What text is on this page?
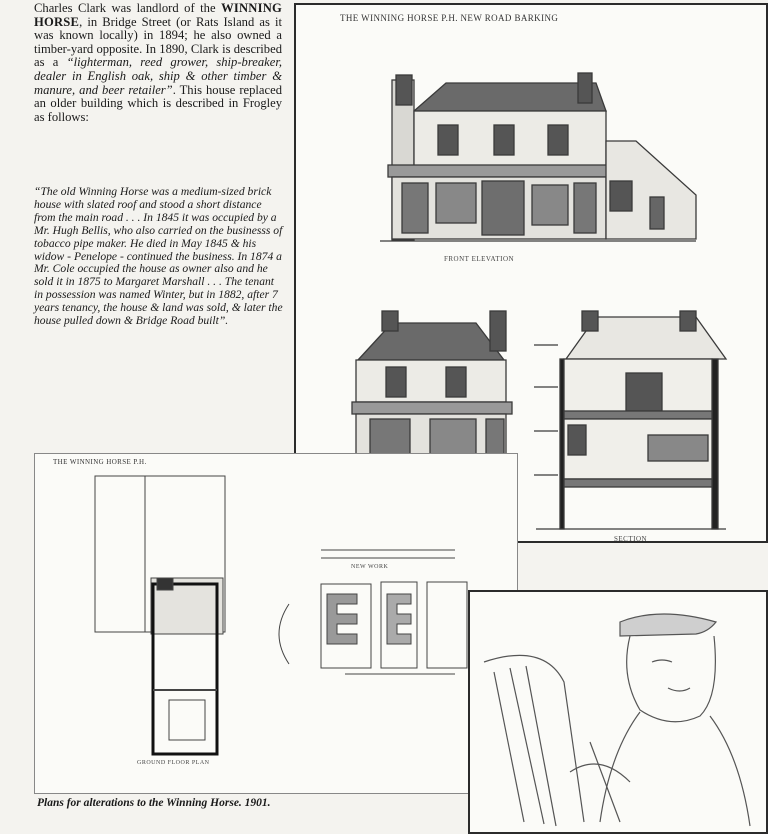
Charles Clark was landlord of the WINNING HORSE, in Bridge Street (or Rats Island as it was known locally) in 1894; he also owned a timber-yard opposite. In 1890, Clark is described as a “lighterman, reed grower, ship-breaker, dealer in English oak, ship & other timber & manure, and beer retailer”. This house replaced an older building which is described in Frogley as follows:

“The old Winning Horse was a medium-sized brick house with slated roof and stood a short distance from the main road . . . In 1845 it was occupied by a Mr. Hugh Bellis, who also carried on the businesss of tobacco pipe maker. He died in May 1845 & his widow - Penelope - continued the business. In 1874 a Mr. Cole occupied the house as owner also and he sold it in 1875 to Margaret Marshall . . . The tenant in possession was named Winter, but in 1882, after 7 years tenancy, the house & land was sold, & later the house pulled down & Bridge Road built”.

THE WINNING HORSE P.H. NEW ROAD BARKING
FRONT ELEVATION
SECTION
THE WINNING HORSE P.H.
NEW WORK
GROUND FLOOR PLAN
Plans for alterations to the Winning Horse. 1901.
